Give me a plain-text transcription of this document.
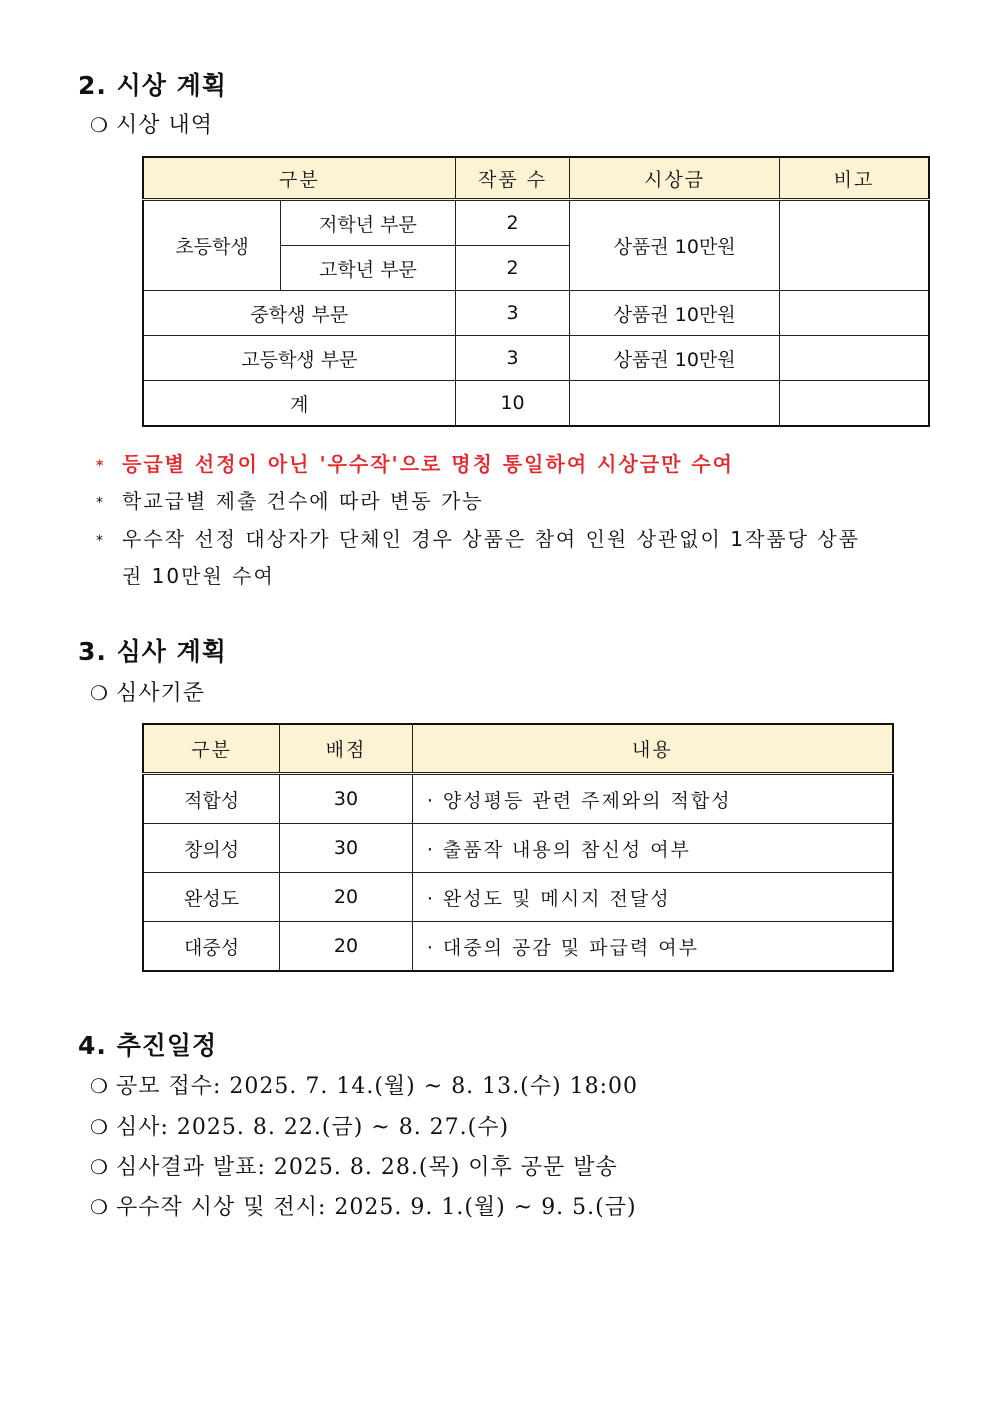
2. 시상 계획
❍ 시상 내역
구분		작품 수	시상금	비고
초등학생	저학년 부문	2	상품권 10만원	
	고학년 부문	2		
중학생 부문		3	상품권 10만원	
고등학생 부문		3	상품권 10만원	
계		10		
* 등급별 선정이 아닌 '우수작'으로 명칭 통일하여 시상금만 수여
* 학교급별 제출 건수에 따라 변동 가능
* 우수작 선정 대상자가 단체인 경우 상품은 참여 인원 상관없이 1작품당 상품
권 10만원 수여
3. 심사 계획
❍ 심사기준
구분	배점	내용
적합성	30	· 양성평등 관련 주제와의 적합성
창의성	30	· 출품작 내용의 참신성 여부
완성도	20	· 완성도 및 메시지 전달성
대중성	20	· 대중의 공감 및 파급력 여부
4. 추진일정
❍ 공모 접수: 2025. 7. 14.(월) ~ 8. 13.(수) 18:00
❍ 심사: 2025. 8. 22.(금) ~ 8. 27.(수)
❍ 심사결과 발표: 2025. 8. 28.(목) 이후 공문 발송
❍ 우수작 시상 및 전시: 2025. 9. 1.(월) ~ 9. 5.(금)
